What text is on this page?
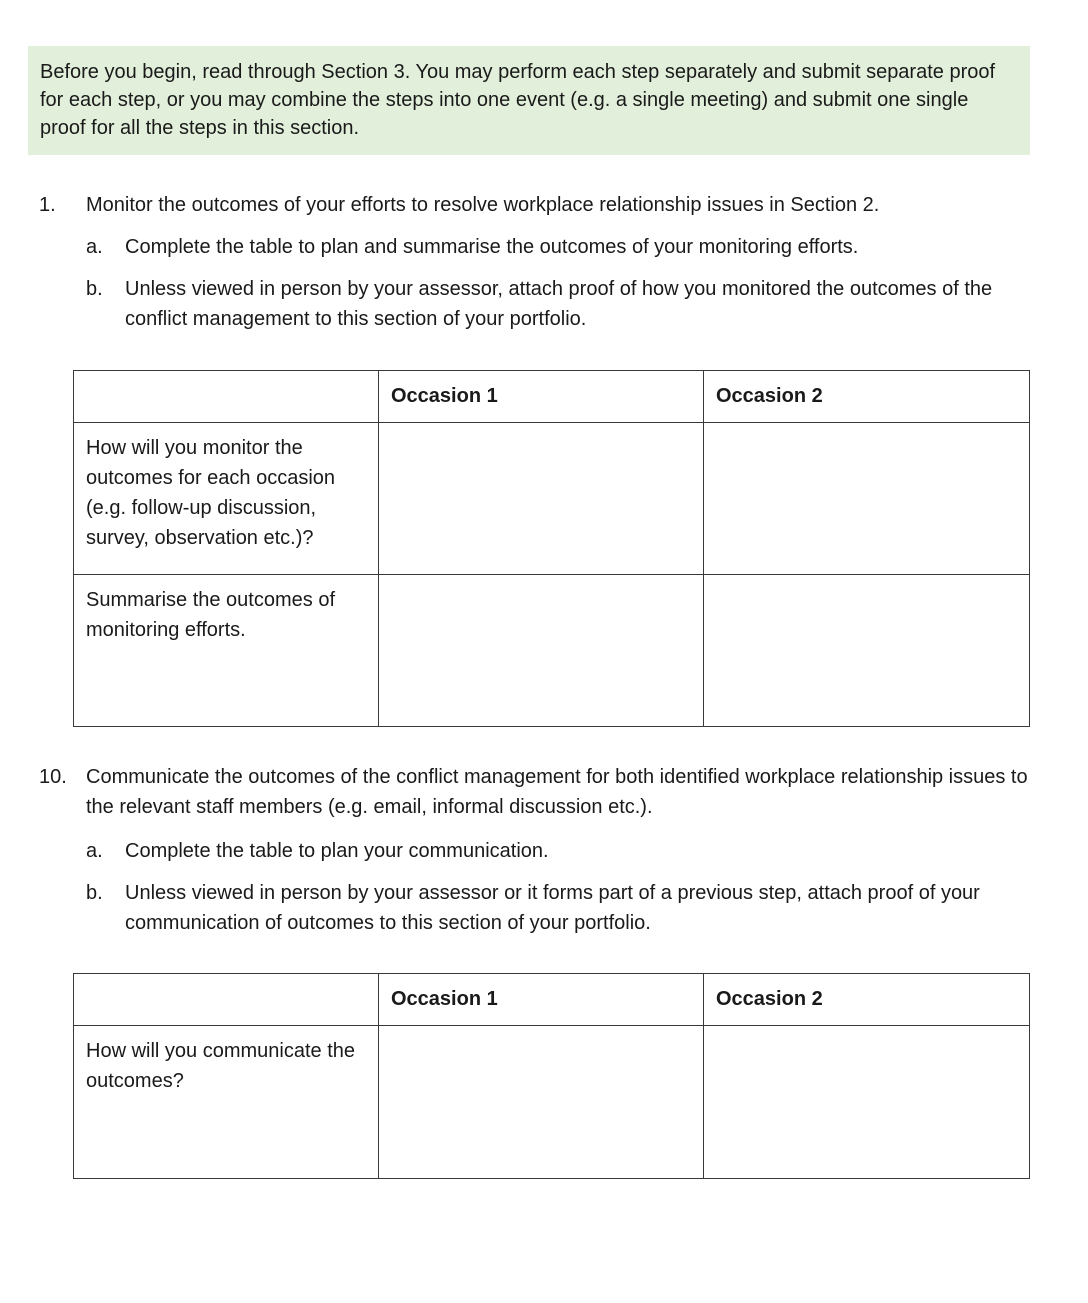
Before you begin, read through Section 3. You may perform each step separately and submit separate proof for each step, or you may combine the steps into one event (e.g. a single meeting) and submit one single proof for all the steps in this section.
1. Monitor the outcomes of your efforts to resolve workplace relationship issues in Section 2.
a. Complete the table to plan and summarise the outcomes of your monitoring efforts.
b. Unless viewed in person by your assessor, attach proof of how you monitored the outcomes of the conflict management to this section of your portfolio.
	Occasion 1	Occasion 2
How will you monitor the outcomes for each occasion (e.g. follow-up discussion, survey, observation etc.)?		
Summarise the outcomes of monitoring efforts.		
10. Communicate the outcomes of the conflict management for both identified workplace relationship issues to the relevant staff members (e.g. email, informal discussion etc.).
a. Complete the table to plan your communication.
b. Unless viewed in person by your assessor or it forms part of a previous step, attach proof of your communication of outcomes to this section of your portfolio.
	Occasion 1	Occasion 2
How will you communicate the outcomes?		
